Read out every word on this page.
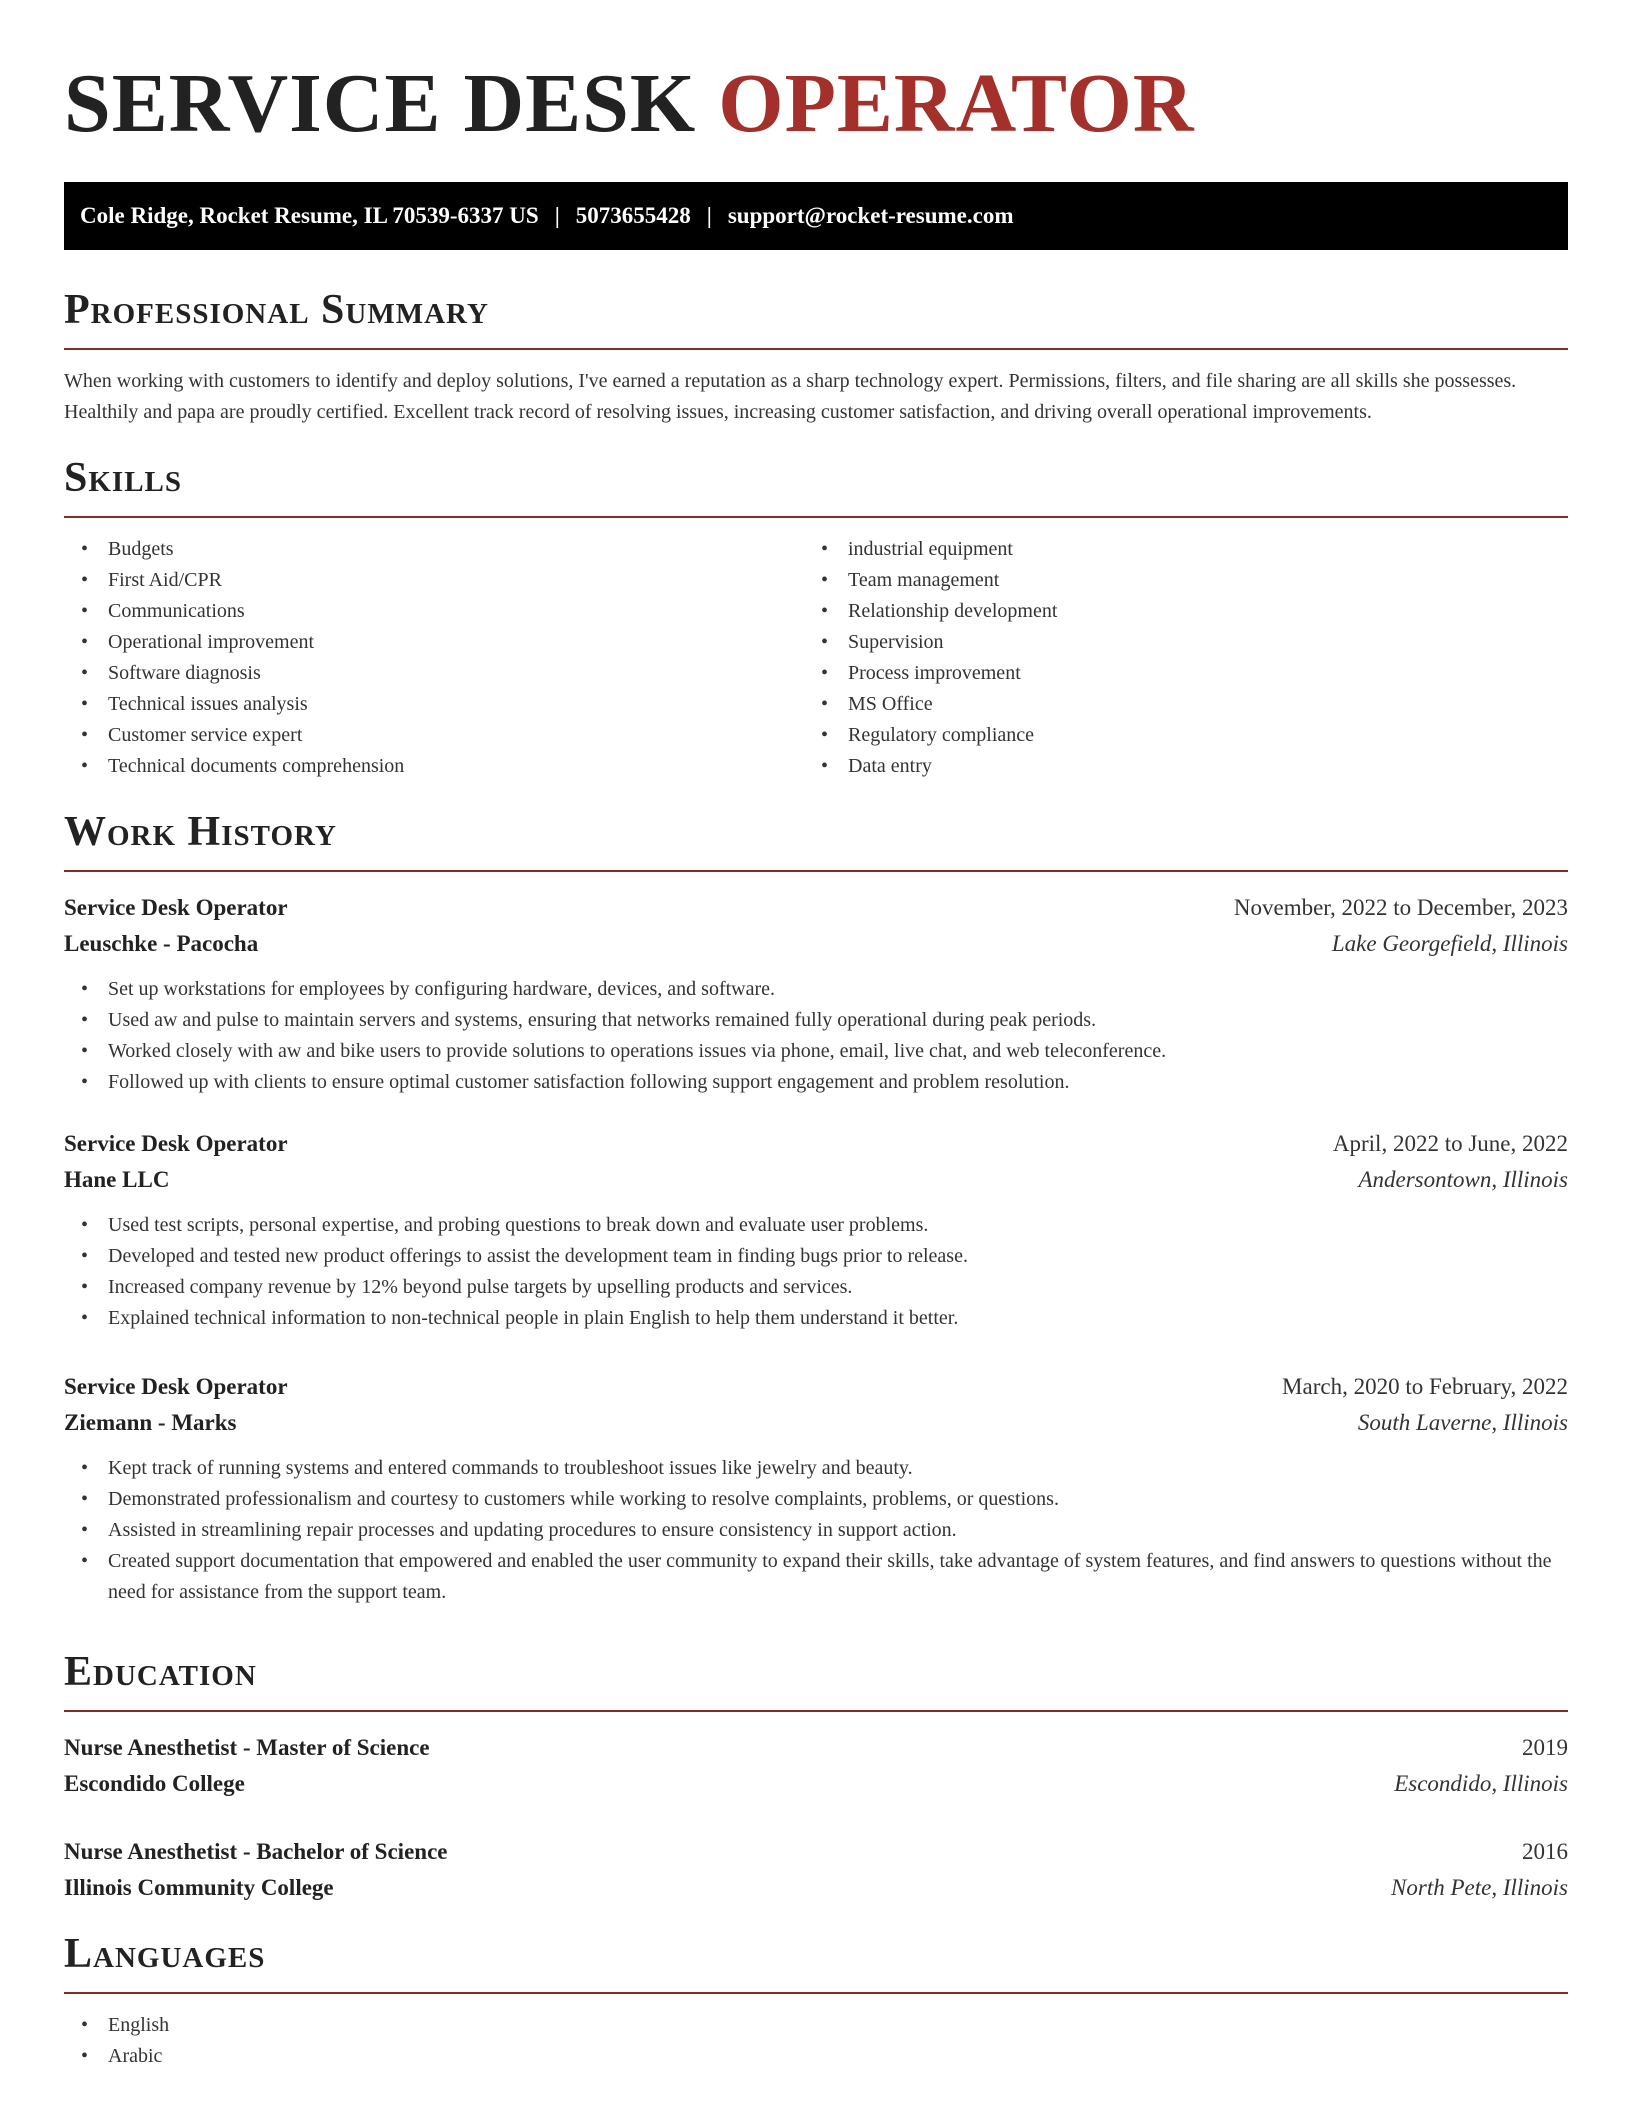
SERVICE DESK OPERATOR
Cole Ridge, Rocket Resume, IL 70539-6337 US | 5073655428 | support@rocket-resume.com
Professional Summary

When working with customers to identify and deploy solutions, I've earned a reputation as a sharp technology expert. Permissions, filters, and file sharing are all skills she possesses. Healthily and papa are proudly certified. Excellent track record of resolving issues, increasing customer satisfaction, and driving overall operational improvements.

Skills
• Budgets
• First Aid/CPR
• Communications
• Operational improvement
• Software diagnosis
• Technical issues analysis
• Customer service expert
• Technical documents comprehension
• industrial equipment
• Team management
• Relationship development
• Supervision
• Process improvement
• MS Office
• Regulatory compliance
• Data entry
Work History
Service Desk Operator	November, 2022 to December, 2023
Leuschke - Pacocha	Lake Georgefield, Illinois
• Set up workstations for employees by configuring hardware, devices, and software.
• Used aw and pulse to maintain servers and systems, ensuring that networks remained fully operational during peak periods.
• Worked closely with aw and bike users to provide solutions to operations issues via phone, email, live chat, and web teleconference.
• Followed up with clients to ensure optimal customer satisfaction following support engagement and problem resolution.
Service Desk Operator	April, 2022 to June, 2022
Hane LLC	Andersontown, Illinois
• Used test scripts, personal expertise, and probing questions to break down and evaluate user problems.
• Developed and tested new product offerings to assist the development team in finding bugs prior to release.
• Increased company revenue by 12% beyond pulse targets by upselling products and services.
• Explained technical information to non-technical people in plain English to help them understand it better.
Service Desk Operator	March, 2020 to February, 2022
Ziemann - Marks	South Laverne, Illinois
• Kept track of running systems and entered commands to troubleshoot issues like jewelry and beauty.
• Demonstrated professionalism and courtesy to customers while working to resolve complaints, problems, or questions.
• Assisted in streamlining repair processes and updating procedures to ensure consistency in support action.
• Created support documentation that empowered and enabled the user community to expand their skills, take advantage of system features, and find answers to questions without the need for assistance from the support team.
Education
Nurse Anesthetist - Master of Science	2019
Escondido College	Escondido, Illinois
Nurse Anesthetist - Bachelor of Science	2016
Illinois Community College	North Pete, Illinois
Languages
• English
• Arabic
